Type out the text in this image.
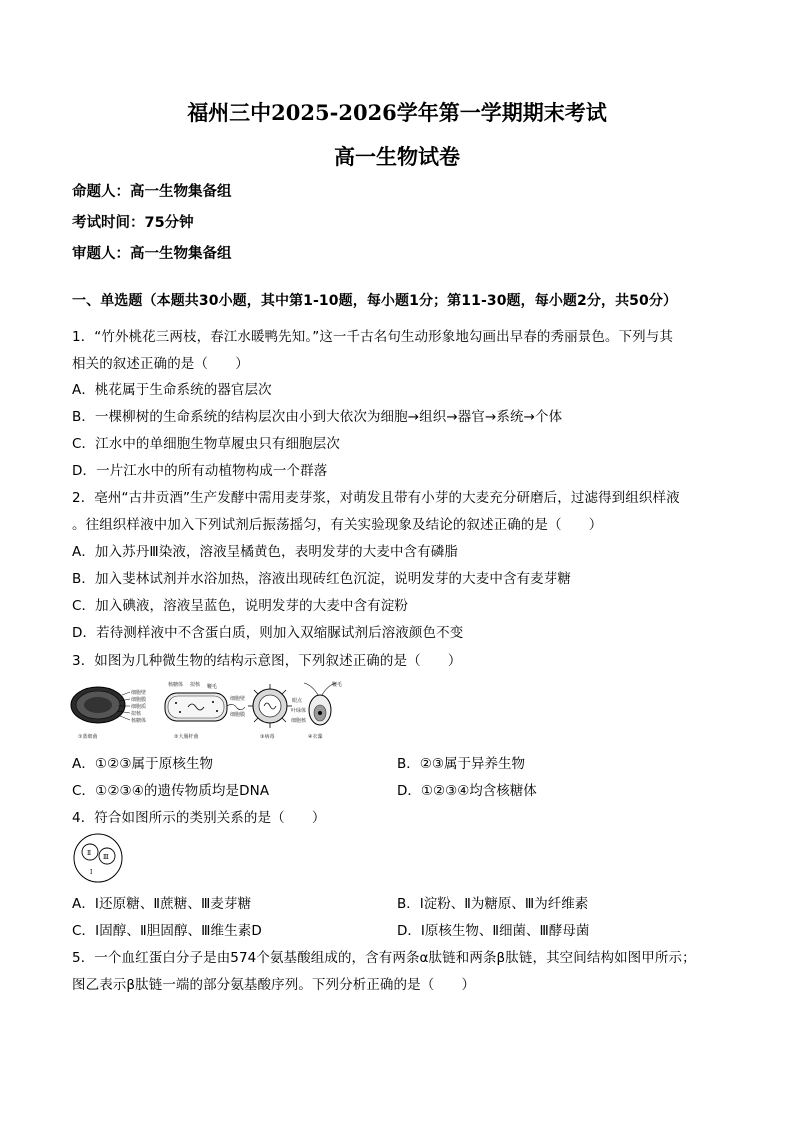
福州三中2025-2026学年第一学期期末考试
高一生物试卷
命题人：高一生物集备组
考试时间：75分钟
审题人：高一生物集备组
一、单选题（本题共30小题，其中第1-10题，每小题1分；第11-30题，每小题2分，共50分）
1．“竹外桃花三两枝，春江水暖鸭先知。”这一千古名句生动形象地勾画出早春的秀丽景色。下列与其
相关的叙述正确的是（　　）
A．桃花属于生命系统的器官层次
B．一棵柳树的生命系统的结构层次由小到大依次为细胞→组织→器官→系统→个体
C．江水中的单细胞生物草履虫只有细胞层次
D．一片江水中的所有动植物构成一个群落
2．亳州“古井贡酒”生产发酵中需用麦芽浆，对萌发且带有小芽的大麦充分研磨后，过滤得到组织样液
。往组织样液中加入下列试剂后振荡摇匀，有关实验现象及结论的叙述正确的是（　　）
A．加入苏丹Ⅲ染液，溶液呈橘黄色，表明发芽的大麦中含有磷脂
B．加入斐林试剂并水浴加热，溶液出现砖红色沉淀，说明发芽的大麦中含有麦芽糖
C．加入碘液，溶液呈蓝色，说明发芽的大麦中含有淀粉
D．若待测样液中不含蛋白质，则加入双缩脲试剂后溶液颜色不变
3．如图为几种微生物的结构示意图，下列叙述正确的是（　　）
细胞壁
细胞膜
细胞质
拟核
核糖体
①蓝细菌
核糖体 拟核 鞭毛
细胞壁
细胞膜
②大肠杆菌	③病毒
鞭毛
眼点
叶绿体
细胞核
④衣藻
A．①②③属于原核生物	B．②③属于异养生物
C．①②③④的遗传物质均是DNA	D．①②③④均含核糖体
4．符合如图所示的类别关系的是（　　）
Ⅱ
Ⅲ
Ⅰ
A．Ⅰ还原糖、Ⅱ蔗糖、Ⅲ麦芽糖	B．Ⅰ淀粉、Ⅱ为糖原、Ⅲ为纤维素
C．Ⅰ固醇、Ⅱ胆固醇、Ⅲ维生素D	D．Ⅰ原核生物、Ⅱ细菌、Ⅲ酵母菌
5．一个血红蛋白分子是由574个氨基酸组成的，含有两条α肽链和两条β肽链，其空间结构如图甲所示；
图乙表示β肽链一端的部分氨基酸序列。下列分析正确的是（　　）
